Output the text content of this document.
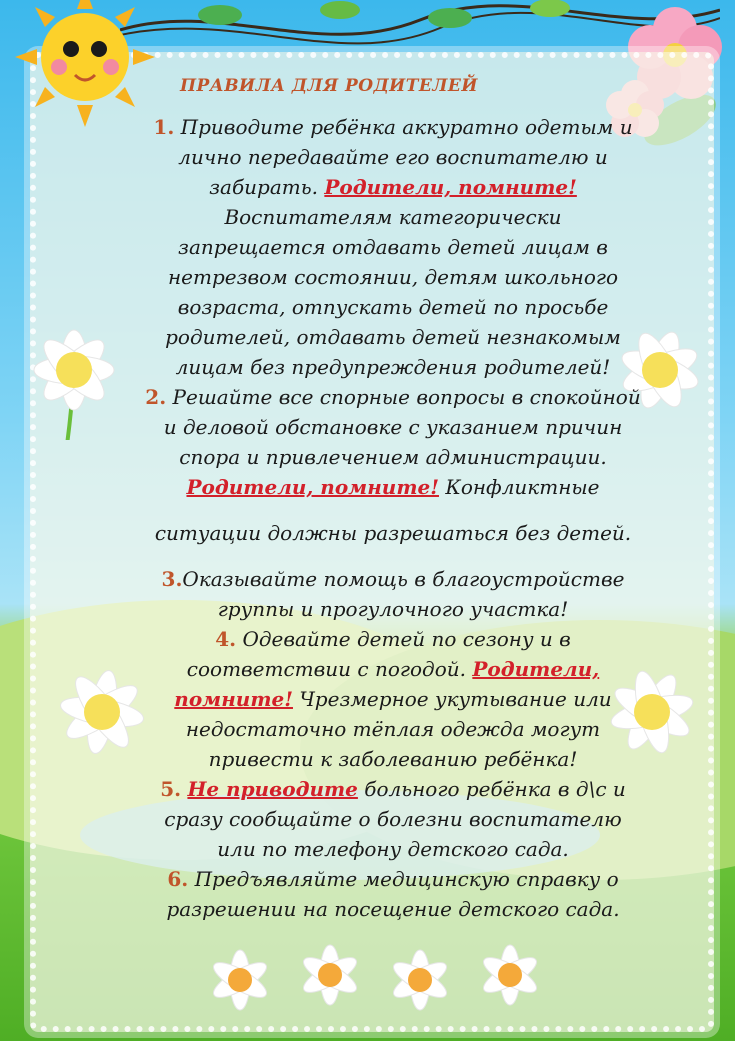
ПРАВИЛА ДЛЯ РОДИТЕЛЕЙ
1. Приводите ребёнка аккуратно одетым и
лично передавайте его воспитателю и
забирать. Родители, помните!
Воспитателям категорически
запрещается отдавать детей лицам в
нетрезвом состоянии, детям школьного
возраста, отпускать детей по просьбе
родителей, отдавать детей незнакомым
лицам без предупреждения родителей!
2. Решайте все спорные вопросы в спокойной
и деловой обстановке с указанием причин
спора и привлечением администрации.
Родители, помните! Конфликтные
ситуации должны разрешаться без детей.
3.Оказывайте помощь в благоустройстве
группы и прогулочного участка!
4. Одевайте детей по сезону и в
соответствии с погодой. Родители,
помните! Чрезмерное укутывание или
недостаточно тёплая одежда могут
привести к заболеванию ребёнка!
5. Не приводите больного ребёнка в д\с и
сразу сообщайте о болезни воспитателю
или по телефону детского сада.
6. Предъявляйте медицинскую справку о
разрешении на посещение детского сада.
